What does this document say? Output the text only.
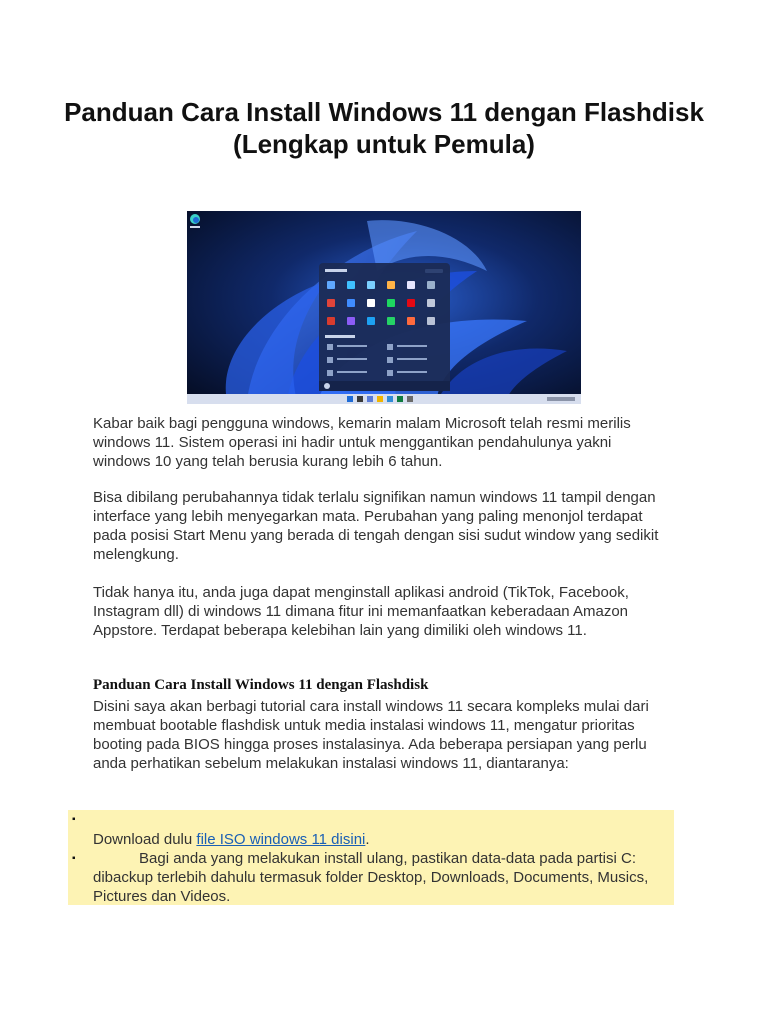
Panduan Cara Install Windows 11 dengan Flashdisk (Lengkap untuk Pemula)

Kabar baik bagi pengguna windows, kemarin malam Microsoft telah resmi merilis windows 11. Sistem operasi ini hadir untuk menggantikan pendahulunya yakni windows 10 yang telah berusia kurang lebih 6 tahun.

Bisa dibilang perubahannya tidak terlalu signifikan namun windows 11 tampil dengan interface yang lebih menyegarkan mata. Perubahan yang paling menonjol terdapat pada posisi Start Menu yang berada di tengah dengan sisi sudut window yang sedikit melengkung.

Tidak hanya itu, anda juga dapat menginstall aplikasi android (TikTok, Facebook, Instagram dll) di windows 11 dimana fitur ini memanfaatkan keberadaan Amazon Appstore. Terdapat beberapa kelebihan lain yang dimiliki oleh windows 11.

Panduan Cara Install Windows 11 dengan Flashdisk

Disini saya akan berbagi tutorial cara install windows 11 secara kompleks mulai dari membuat bootable flashdisk untuk media instalasi windows 11, mengatur prioritas booting pada BIOS hingga proses instalasinya. Ada beberapa persiapan yang perlu anda perhatikan sebelum melakukan instalasi windows 11, diantaranya:

▪
▪

Download dulu file ISO windows 11 disini.

Bagi anda yang melakukan install ulang, pastikan data-data pada partisi C: dibackup terlebih dahulu termasuk folder Desktop, Downloads, Documents, Musics, Pictures dan Videos.
